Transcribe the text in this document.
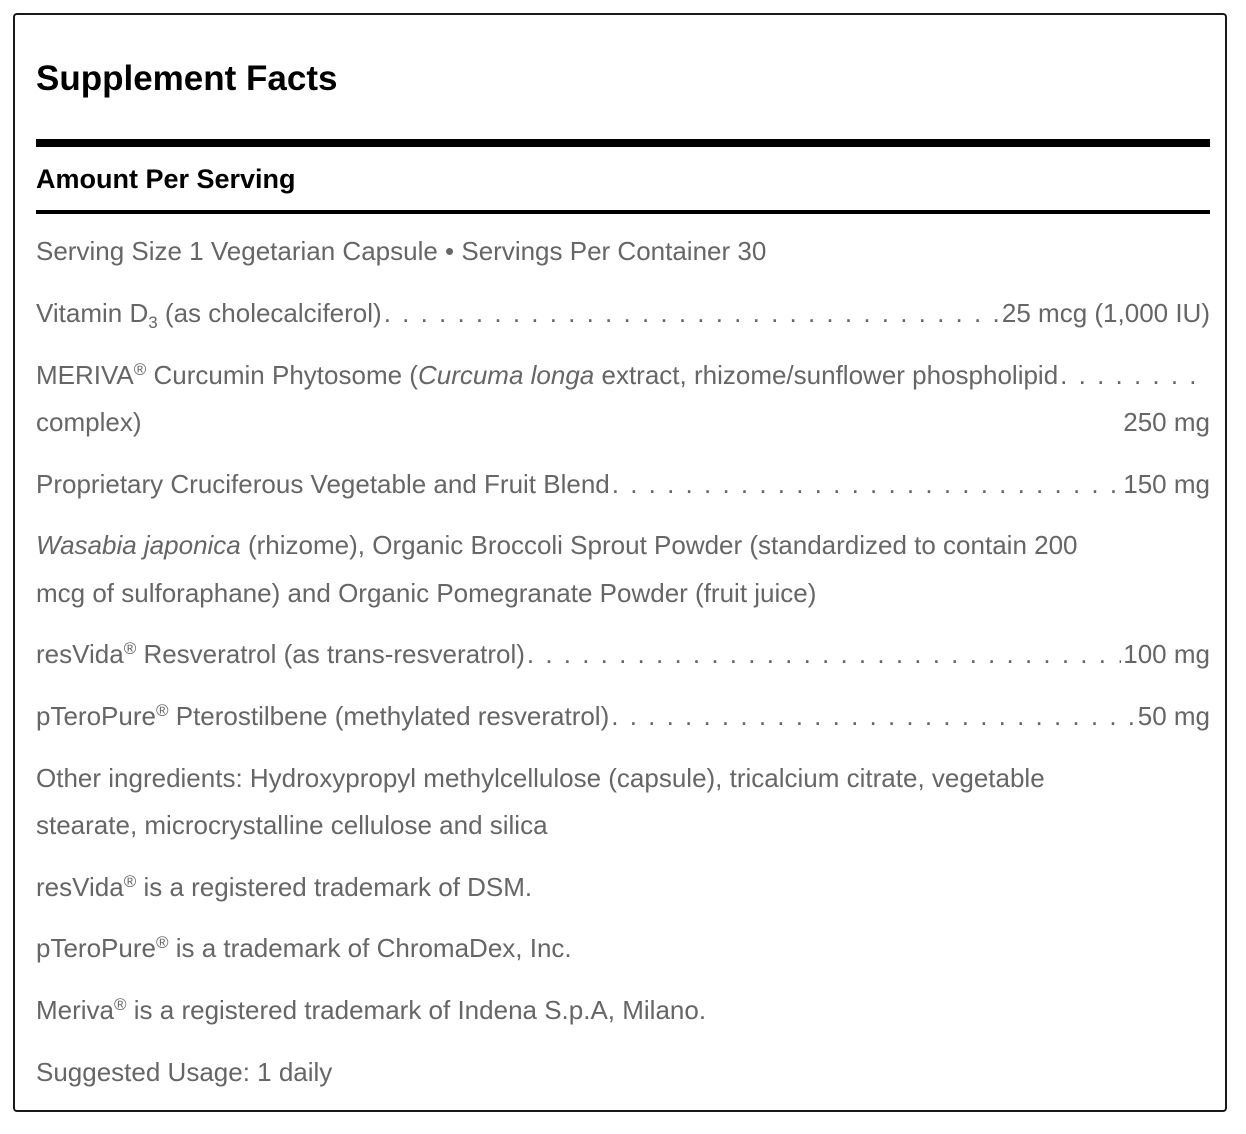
Supplement Facts
Amount Per Serving
Serving Size 1 Vegetarian Capsule • Servings Per Container 30
Vitamin $D_3$ (as cholecalciferol) . . .	25 mcg (1,000 IU)
MERIVA® Curcumin Phytosome (Curcuma longa extract, rhizome/sunflower phospholipid
. . .
complex)	250 mg
Proprietary Cruciferous Vegetable and Fruit Blend . . .	150 mg
Wasabia japonica (rhizome), Organic Broccoli Sprout Powder (standardized to contain 200
mcg of sulforaphane) and Organic Pomegranate Powder (fruit juice)
resVida® Resveratrol (as trans-resveratrol) . . .	100 mg
pTeroPure® Pterostilbene (methylated resveratrol) . . .	50 mg
Other ingredients: Hydroxypropyl methylcellulose (capsule), tricalcium citrate, vegetable
stearate, microcrystalline cellulose and silica
resVida® is a registered trademark of DSM.
pTeroPure® is a trademark of ChromaDex, Inc.
Meriva® is a registered trademark of Indena S.p.A, Milano.
Suggested Usage: 1 daily
